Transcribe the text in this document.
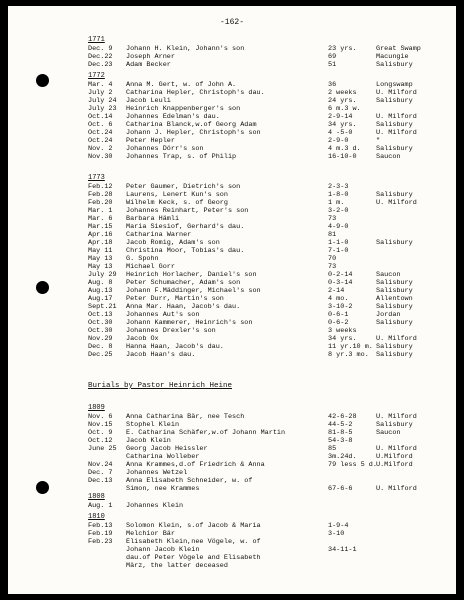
-162-
1771
Dec. 9 Johann H. Klein, Johann's son	23 yrs.	Great Swamp
Dec.22 Joseph Arner	69	Macungie
Dec.23 Adam Becker	51	Salisbury
1772
Mar. 4 Anna M. Gert, w. of John A.	36	Longswamp
July 2 Catharina Hepler, Christoph's dau.	2 weeks	U. Milford
July 24 Jacob Leuli	24 yrs.	Salisbury
July 23 Heinrich Knappenberger's son	6 m.3 w.
Oct.14 Johannes Edelman's dau.	2-9-14	U. Milford
Oct. 6 Catharina Blanck,w.of Georg Adam	34 yrs.	Salisbury
Oct.24 Johann J. Hepler, Christoph's son	4 -5-0	U. Milford
Oct.24 Peter Hepler	2-9-0	"
Nov. 2 Johannes Dörr's son	4 m.3 d. Salisbury
Nov.30 Johannes Trap, s. of Philip	16-10-0	Saucon
1773
Feb.12 Peter Gaumer, Dietrich's son	2-3-3
Feb.28 Laurens, Lenert Kun's son	1-8-0	Salisbury
Feb.20 Wilhelm Keck, s. of Georg	1 m.	U. Milford
Mar. 1 Johannes Reinhart, Peter's son	3-2-0
Mar. 6 Barbara Hämli	73
Mar.15 Maria Siesiof, Gerhard's dau.	4-9-0
Apr.16 Catharina Warner	81
Apr.18 Jacob Romig, Adam's son	1-1-0	Salisbury
May 11 Christina Moor, Tobias's dau.	7-1-0
May 13 G. Spohn	70
May 13 Michael Gorr	73
July 29 Heinrich Horlacher, Daniel's son	0-2-14	Saucon
Aug. 8 Peter Schumacher, Adam's son	0-3-14	Salisbury
Aug.13 Johann F.Mäddinger, Michael's son	2-14	Salisbury
Aug.17 Peter Durr, Martin's son	4 mo.	Allentown
Sept.21 Anna Mar. Haan, Jacob's dau.	3-10-2	Salisbury
Oct.13 Johannes Aut's son	0-6-1	Jordan
Oct.30 Johann Kammerer, Heinrich's son	0-6-2	Salisbury
Oct.30 Johannes Drexler's son	3 weeks
Nov.29 Jacob Ox	34 yrs.	U. Milford
Dec. 8 Hanna Haan, Jacob's dau.	11 yr.10 m. Salisbury
Dec.25 Jacob Haan's dau.	8 yr.3 mo. Salisbury
Burials by Pastor Heinrich Heine
1809
Nov. 6 Anna Catharina Bär, nee Tesch	42-6-28	U. Milford
Nov.15 Stophel Klein	44-5-2	Salisbury
Oct. 9 E. Catharina Schäfer,w.of Johann Martin	81-8-5	Saucon
Oct.12 Jacob Klein	54-3-8
June 25 Georg Jacob Heissler	85	U. Milford
Catharina Wolleber	3m.24d.	U.Milford
Nov.24 Anna Krammes,d.of Friedrich & Anna	79 less 5 d. U.Milford
Dec. 7 Johannes Wetzel
Dec.13 Anna Elisabeth Schneider, w. of
Simon, nee Krammes	67-6-6	U. Milford
1808
Aug. 1 Johannes Klein
1810
Feb.13 Solomon Klein, s.of Jacob & Maria	1-9-4
Feb.19 Melchior Bär	3-10
Feb.23 Elisabeth Klein,nee Vögele, w. of
Johann Jacob Klein	34-11-1
dau.of Peter Vögele and Elisabeth
März, the latter deceased
